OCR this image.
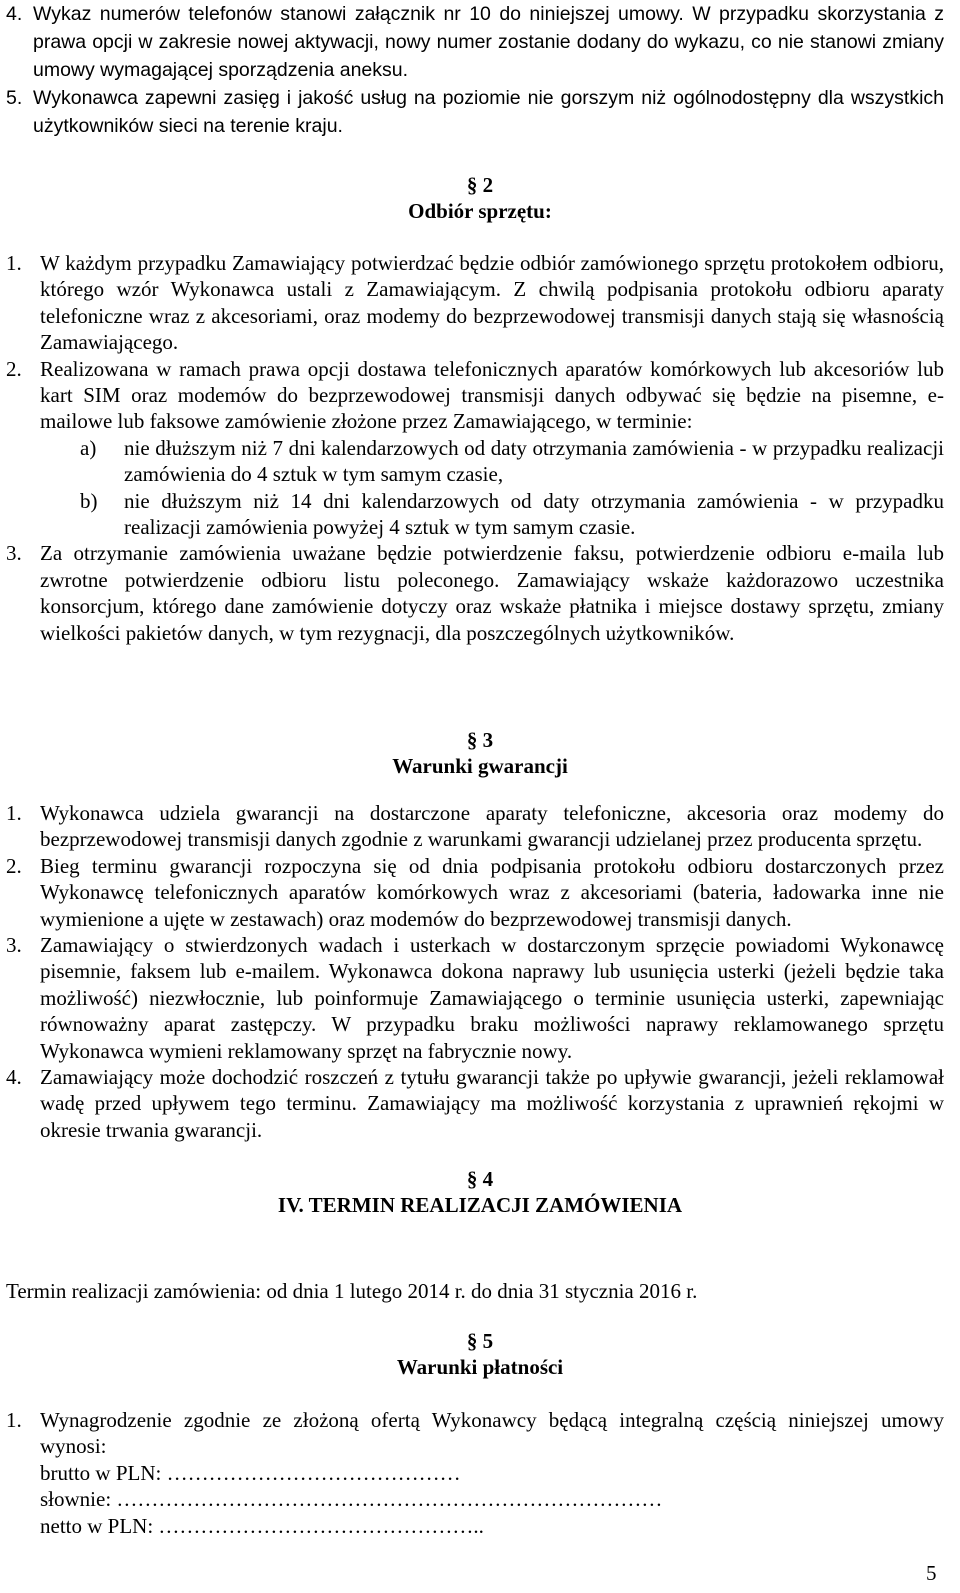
4. Wykaz numerów telefonów stanowi załącznik nr 10 do niniejszej umowy. W przypadku skorzystania z prawa opcji w zakresie nowej aktywacji, nowy numer zostanie dodany do wykazu, co nie stanowi zmiany umowy wymagającej sporządzenia aneksu.

5. Wykonawca zapewni zasięg i jakość usług na poziomie nie gorszym niż ogólnodostępny dla wszystkich użytkowników sieci na terenie kraju.

§ 2
Odbiór sprzętu:
1. W każdym przypadku Zamawiający potwierdzać będzie odbiór zamówionego sprzętu protokołem odbioru, którego wzór Wykonawca ustali z Zamawiającym. Z chwilą podpisania protokołu odbioru aparaty telefoniczne wraz z akcesoriami, oraz modemy do bezprzewodowej transmisji danych stają się własnością Zamawiającego.

2. Realizowana w ramach prawa opcji dostawa telefonicznych aparatów komórkowych lub akcesoriów lub kart SIM oraz modemów do bezprzewodowej transmisji danych odbywać się będzie na pisemne, e-mailowe lub faksowe zamówienie złożone przez Zamawiającego, w terminie:

a)	nie dłuższym niż 7 dni kalendarzowych od daty otrzymania zamówienia - w przypadku realizacji zamówienia do 4 sztuk w tym samym czasie,

b)	nie dłuższym niż 14 dni kalendarzowych od daty otrzymania zamówienia - w przypadku realizacji zamówienia powyżej 4 sztuk w tym samym czasie.

3. Za otrzymanie zamówienia uważane będzie potwierdzenie faksu, potwierdzenie odbioru e-maila lub zwrotne potwierdzenie odbioru listu poleconego. Zamawiający wskaże każdorazowo uczestnika konsorcjum, którego dane zamówienie dotyczy oraz wskaże płatnika i miejsce dostawy sprzętu, zmiany wielkości pakietów danych, w tym rezygnacji, dla poszczególnych użytkowników.

§ 3
Warunki gwarancji
1. Wykonawca udziela gwarancji na dostarczone aparaty telefoniczne, akcesoria oraz modemy do bezprzewodowej transmisji danych zgodnie z warunkami gwarancji udzielanej przez producenta sprzętu.

2. Bieg terminu gwarancji rozpoczyna się od dnia podpisania protokołu odbioru dostarczonych przez Wykonawcę telefonicznych aparatów komórkowych wraz z akcesoriami (bateria, ładowarka inne nie wymienione a ujęte w zestawach) oraz modemów do bezprzewodowej transmisji danych.

3. Zamawiający o stwierdzonych wadach i usterkach w dostarczonym sprzęcie powiadomi Wykonawcę pisemnie, faksem lub e-mailem. Wykonawca dokona naprawy lub usunięcia usterki (jeżeli będzie taka możliwość) niezwłocznie, lub poinformuje Zamawiającego o terminie usunięcia usterki, zapewniając równoważny aparat zastępczy. W przypadku braku możliwości naprawy reklamowanego sprzętu Wykonawca wymieni reklamowany sprzęt na fabrycznie nowy.

4. Zamawiający może dochodzić roszczeń z tytułu gwarancji także po upływie gwarancji, jeżeli reklamował wadę przed upływem tego terminu. Zamawiający ma możliwość korzystania z uprawnień rękojmi w okresie trwania gwarancji.

§ 4
IV. TERMIN REALIZACJI ZAMÓWIENIA

Termin realizacji zamówienia: od dnia 1 lutego 2014 r. do dnia 31 stycznia 2016 r.

§ 5
Warunki płatności
1. Wynagrodzenie zgodnie ze złożoną ofertą Wykonawcy będącą integralną częścią niniejszej umowy wynosi:

brutto w PLN: ……………………………………

słownie: ……………………………………………………………………

netto w PLN: ………………………………………..

5
